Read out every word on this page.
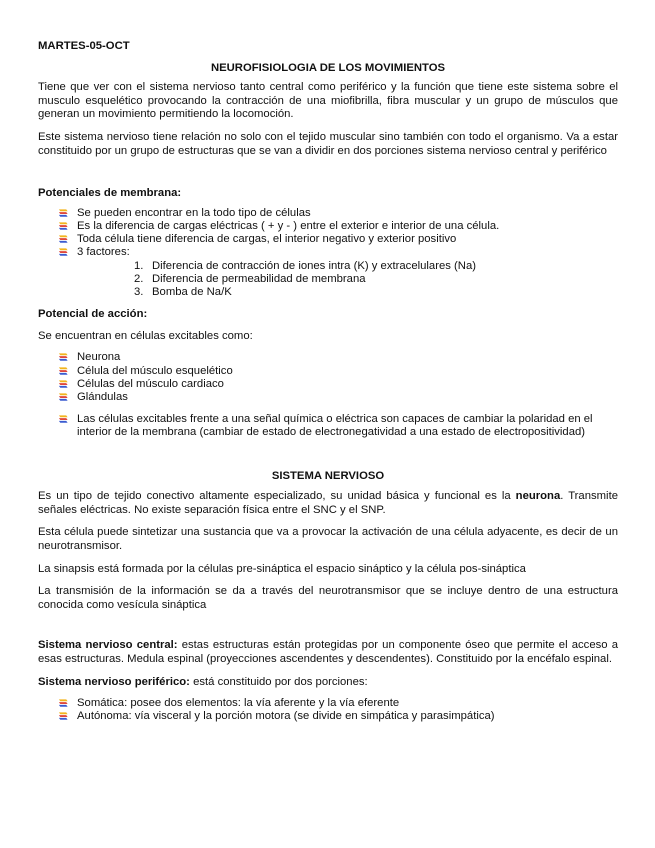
MARTES-05-OCT

NEUROFISIOLOGIA DE LOS MOVIMIENTOS

Tiene que ver con el sistema nervioso tanto central como periférico y la función que tiene este sistema sobre el musculo esquelético provocando la contracción de una miofibrilla, fibra muscular y un grupo de músculos que generan un movimiento permitiendo la locomoción.

Este sistema nervioso tiene relación no solo con el tejido muscular sino también con todo el organismo. Va a estar constituido por un grupo de estructuras que se van a dividir en dos porciones sistema nervioso central y periférico

Potenciales de membrana:

Se pueden encontrar en la todo tipo de células
Es la diferencia de cargas eléctricas ( + y - ) entre el exterior e interior de una célula.
Toda célula tiene diferencia de cargas, el interior negativo y exterior positivo
3 factores:
1. Diferencia de contracción de iones intra (K) y extracelulares (Na)
2. Diferencia de permeabilidad de membrana
3. Bomba de Na/K

Potencial de acción:

Se encuentran en células excitables como:

Neurona
Célula del músculo esquelético
Células del músculo cardiaco
Glándulas
Las células excitables frente a una señal química o eléctrica son capaces de cambiar la polaridad en el interior de la membrana (cambiar de estado de electronegatividad a una estado de electropositividad)

SISTEMA NERVIOSO

Es un tipo de tejido conectivo altamente especializado, su unidad básica y funcional es la neurona. Transmite señales eléctricas. No existe separación física entre el SNC y el SNP.

Esta célula puede sintetizar una sustancia que va a provocar la activación de una célula adyacente, es decir de un neurotransmisor.

La sinapsis está formada por la células pre-sináptica el espacio sináptico y la célula pos-sináptica

La transmisión de la información se da a través del neurotransmisor que se incluye dentro de una estructura conocida como vesícula sináptica

Sistema nervioso central: estas estructuras están protegidas por un componente óseo que permite el acceso a esas estructuras. Medula espinal (proyecciones ascendentes y descendentes). Constituido por la encéfalo espinal.

Sistema nervioso periférico: está constituido por dos porciones:

Somática: posee dos elementos: la vía aferente y la vía eferente
Autónoma: vía visceral y la porción motora (se divide en simpática y parasimpática)
